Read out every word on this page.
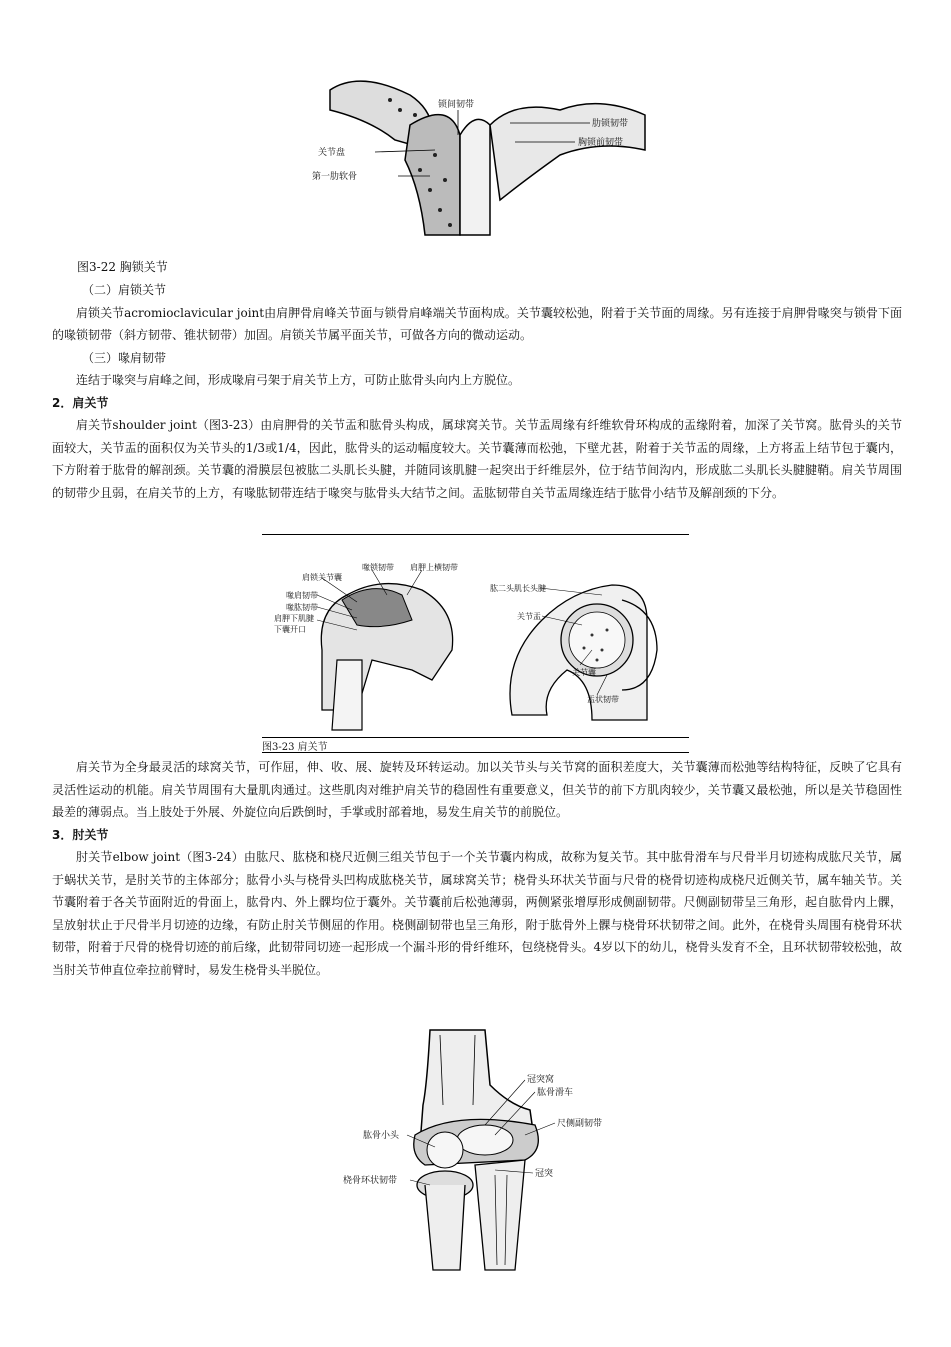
锁间韧带
肋锁韧带
胸锁前韧带
关节盘
第一肋软骨
图3-22 胸锁关节

（二）肩锁关节

肩锁关节acromioclavicular joint由肩胛骨肩峰关节面与锁骨肩峰端关节面构成。关节囊较松弛，附着于关节面的周缘。另有连接于肩胛骨喙突与锁骨下面的喙锁韧带（斜方韧带、锥状韧带）加固。肩锁关节属平面关节，可做各方向的微动运动。

（三）喙肩韧带

连结于喙突与肩峰之间，形成喙肩弓架于肩关节上方，可防止肱骨头向内上方脱位。

2．肩关节

肩关节shoulder joint（图3-23）由肩胛骨的关节盂和肱骨头构成，属球窝关节。关节盂周缘有纤维软骨环构成的盂缘附着，加深了关节窝。肱骨头的关节面较大，关节盂的面积仅为关节头的1/3或1/4，因此，肱骨头的运动幅度较大。关节囊薄而松弛，下壁尤甚，附着于关节盂的周缘，上方将盂上结节包于囊内，下方附着于肱骨的解剖颈。关节囊的滑膜层包被肱二头肌长头腱，并随同该肌腱一起突出于纤维层外，位于结节间沟内，形成肱二头肌长头腱腱鞘。肩关节周围的韧带少且弱，在肩关节的上方，有喙肱韧带连结于喙突与肱骨头大结节之间。盂肱韧带自关节盂周缘连结于肱骨小结节及解剖颈的下分。

喙锁韧带 肩胛上横韧带
肩锁关节囊
喙肩韧带
喙肱韧带
肩胛下肌腱
下囊开口
肱二头肌长头腱
关节盂
关节囊
盂状韧带
图3-23 肩关节

肩关节为全身最灵活的球窝关节，可作屈，伸、收、展、旋转及环转运动。加以关节头与关节窝的面积差度大，关节囊薄而松弛等结构特征，反映了它具有灵活性运动的机能。肩关节周围有大量肌肉通过。这些肌肉对维护肩关节的稳固性有重要意义，但关节的前下方肌肉较少，关节囊又最松弛，所以是关节稳固性最差的薄弱点。当上肢处于外展、外旋位向后跌倒时，手掌或肘部着地，易发生肩关节的前脱位。

3．肘关节

肘关节elbow joint（图3-24）由肱尺、肱桡和桡尺近侧三组关节包于一个关节囊内构成，故称为复关节。其中肱骨滑车与尺骨半月切迹构成肱尺关节，属于蜗状关节，是肘关节的主体部分；肱骨小头与桡骨头凹构成肱桡关节，属球窝关节；桡骨头环状关节面与尺骨的桡骨切迹构成桡尺近侧关节，属车轴关节。关节囊附着于各关节面附近的骨面上，肱骨内、外上髁均位于囊外。关节囊前后松弛薄弱，两侧紧张增厚形成侧副韧带。尺侧副韧带呈三角形，起自肱骨内上髁，呈放射状止于尺骨半月切迹的边缘，有防止肘关节侧屈的作用。桡侧副韧带也呈三角形，附于肱骨外上髁与桡骨环状韧带之间。此外，在桡骨头周围有桡骨环状韧带，附着于尺骨的桡骨切迹的前后缘，此韧带同切迹一起形成一个漏斗形的骨纤维环，包绕桡骨头。4岁以下的幼儿，桡骨头发育不全，且环状韧带较松弛，故当肘关节伸直位牵拉前臂时，易发生桡骨头半脱位。

冠突窝
肱骨滑车
尺侧副韧带
肱骨小头
冠突
桡骨环状韧带
